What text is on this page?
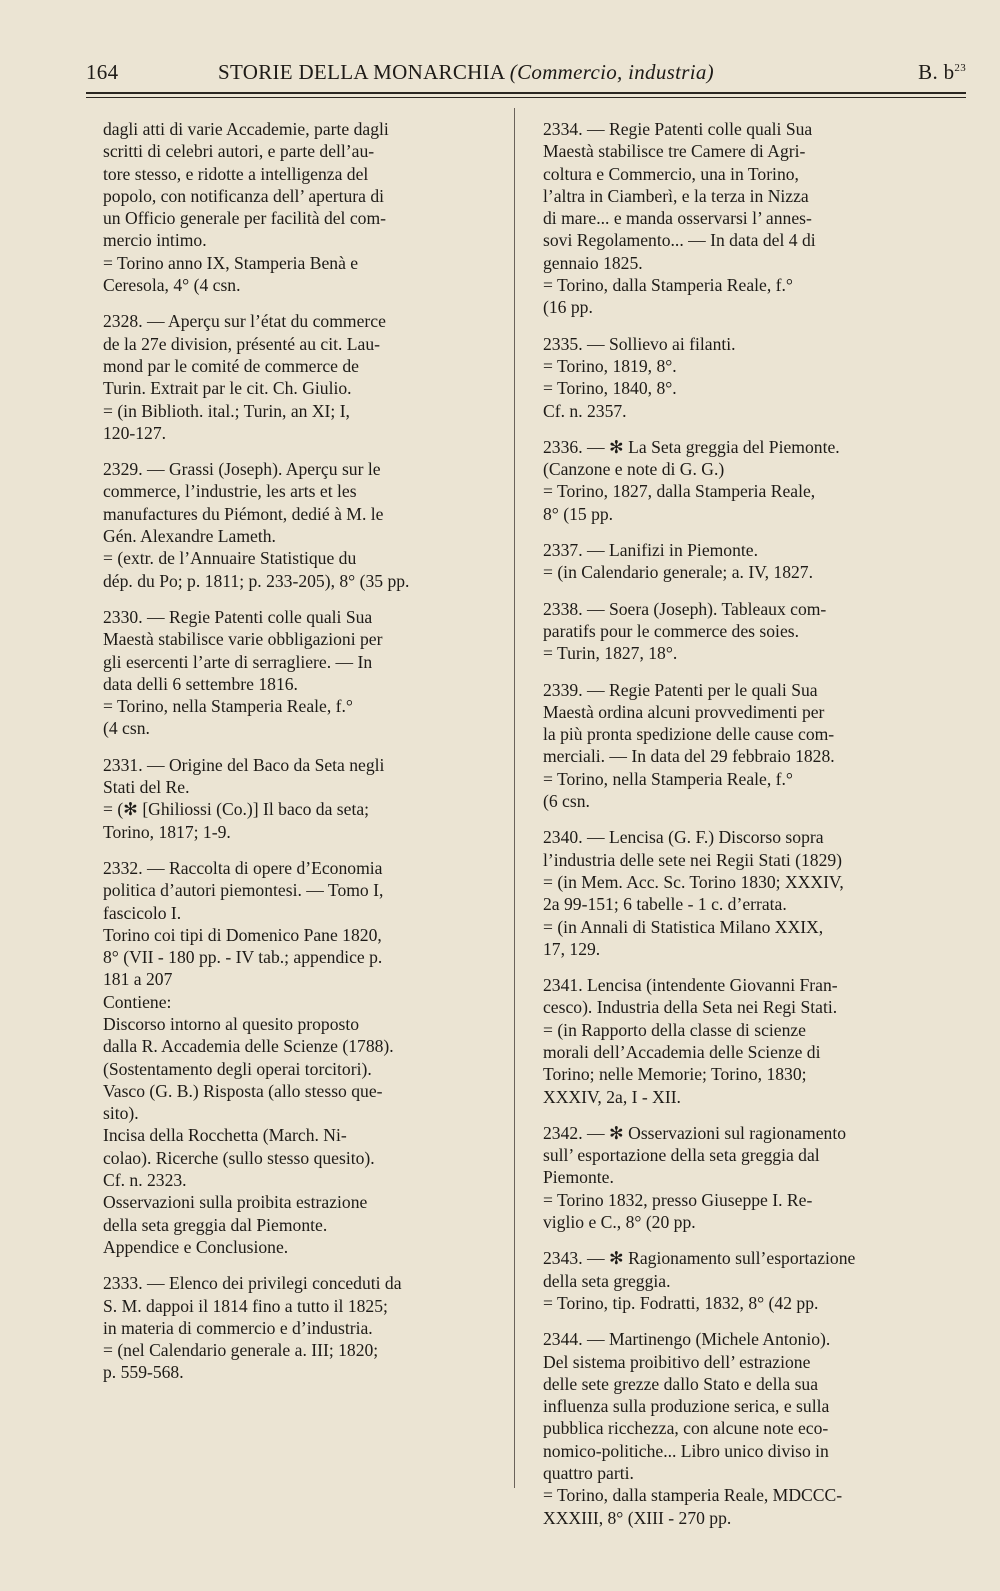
164	STORIE DELLA MONARCHIA (Commercio, industria)	B. $b^{23}$
dagli atti di varie Accademie, parte dagli
scritti di celebri autori, e parte dell’au-
tore stesso, e ridotte a intelligenza del
popolo, con notificanza dell’ apertura di
un Officio generale per facilità del com-
mercio intimo.
= Torino anno IX, Stamperia Benà e
Ceresola, 4° (4 csn.
2328. — Aperçu sur l’état du commerce
de la 27e division, présenté au cit. Lau-
mond par le comité de commerce de
Turin. Extrait par le cit. Ch. Giulio.
= (in Biblioth. ital.; Turin, an XI; I,
120-127.
2329. — Grassi (Joseph). Aperçu sur le
commerce, l’industrie, les arts et les
manufactures du Piémont, dedié à M. le
Gén. Alexandre Lameth.
= (extr. de l’Annuaire Statistique du
dép. du Po; p. 1811; p. 233-205), 8° (35 pp.
2330. — Regie Patenti colle quali Sua
Maestà stabilisce varie obbligazioni per
gli esercenti l’arte di serragliere. — In
data delli 6 settembre 1816.
= Torino, nella Stamperia Reale, f.°
(4 csn.
2331. — Origine del Baco da Seta negli
Stati del Re.
= (✻ [Ghiliossi (Co.)] Il baco da seta;
Torino, 1817; 1-9.
2332. — Raccolta di opere d’Economia
politica d’autori piemontesi. — Tomo I,
fascicolo I.
Torino coi tipi di Domenico Pane 1820,
8° (VII - 180 pp. - IV tab.; appendice p.
181 a 207
Contiene:
Discorso intorno al quesito proposto
dalla R. Accademia delle Scienze (1788).
(Sostentamento degli operai torcitori).
Vasco (G. B.) Risposta (allo stesso que-
sito).
Incisa della Rocchetta (March. Ni-
colao). Ricerche (sullo stesso quesito).
Cf. n. 2323.
Osservazioni sulla proibita estrazione
della seta greggia dal Piemonte.
Appendice e Conclusione.
2333. — Elenco dei privilegi conceduti da
S. M. dappoi il 1814 fino a tutto il 1825;
in materia di commercio e d’industria.
= (nel Calendario generale a. III; 1820;
p. 559-568.
2334. — Regie Patenti colle quali Sua
Maestà stabilisce tre Camere di Agri-
coltura e Commercio, una in Torino,
l’altra in Ciamberì, e la terza in Nizza
di mare... e manda osservarsi l’ annes-
sovi Regolamento... — In data del 4 di
gennaio 1825.
= Torino, dalla Stamperia Reale, f.°
(16 pp.
2335. — Sollievo ai filanti.
= Torino, 1819, 8°.
= Torino, 1840, 8°.
Cf. n. 2357.
2336. — ✻ La Seta greggia del Piemonte.
(Canzone e note di G. G.)
= Torino, 1827, dalla Stamperia Reale,
8° (15 pp.
2337. — Lanifizi in Piemonte.
= (in Calendario generale; a. IV, 1827.
2338. — Soera (Joseph). Tableaux com-
paratifs pour le commerce des soies.
= Turin, 1827, 18°.
2339. — Regie Patenti per le quali Sua
Maestà ordina alcuni provvedimenti per
la più pronta spedizione delle cause com-
merciali. — In data del 29 febbraio 1828.
= Torino, nella Stamperia Reale, f.°
(6 csn.
2340. — Lencisa (G. F.) Discorso sopra
l’industria delle sete nei Regii Stati (1829)
= (in Mem. Acc. Sc. Torino 1830; XXXIV,
2a 99-151; 6 tabelle - 1 c. d’errata.
= (in Annali di Statistica Milano XXIX,
17, 129.
2341. Lencisa (intendente Giovanni Fran-
cesco). Industria della Seta nei Regi Stati.
= (in Rapporto della classe di scienze
morali dell’Accademia delle Scienze di
Torino; nelle Memorie; Torino, 1830;
XXXIV, 2a, I - XII.
2342. — ✻ Osservazioni sul ragionamento
sull’ esportazione della seta greggia dal
Piemonte.
= Torino 1832, presso Giuseppe I. Re-
viglio e C., 8° (20 pp.
2343. — ✻ Ragionamento sull’esportazione
della seta greggia.
= Torino, tip. Fodratti, 1832, 8° (42 pp.
2344. — Martinengo (Michele Antonio).
Del sistema proibitivo dell’ estrazione
delle sete grezze dallo Stato e della sua
influenza sulla produzione serica, e sulla
pubblica ricchezza, con alcune note eco-
nomico-politiche... Libro unico diviso in
quattro parti.
= Torino, dalla stamperia Reale, MDCCC-
XXXIII, 8° (XIII - 270 pp.
